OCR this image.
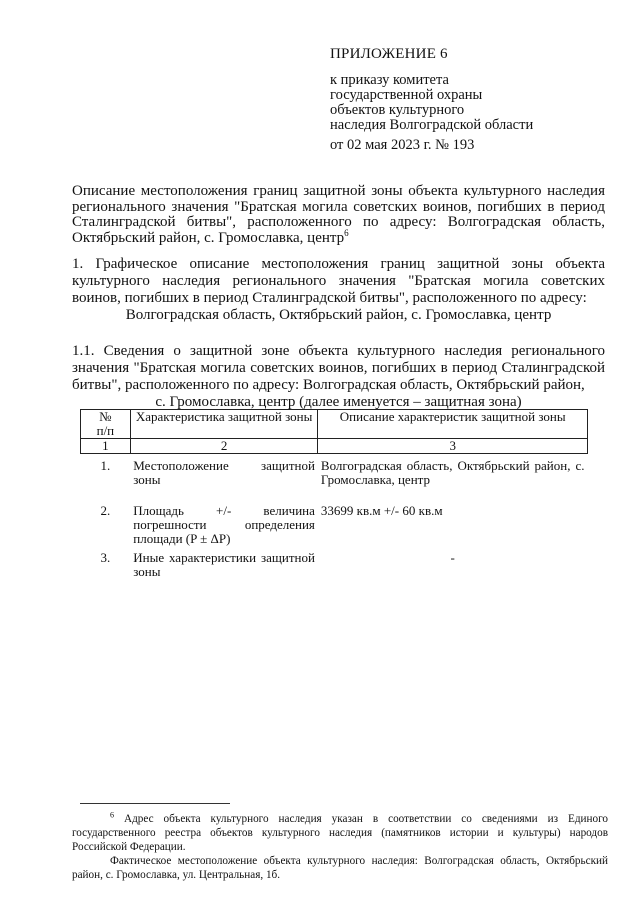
ПРИЛОЖЕНИЕ 6
к приказу комитета
государственной охраны
объектов культурного
наследия Волгоградской области
от 02 мая 2023 г. № 193
Описание местоположения границ защитной зоны объекта культурного наследия регионального значения "Братская могила советских воинов, погибших в период Сталинградской битвы", расположенного по адресу: Волгоградская область, Октябрьский район, с. Громославка, центр$^6$
1. Графическое описание местоположения границ защитной зоны объекта культурного наследия регионального значения "Братская могила советских воинов, погибших в период Сталинградской битвы", расположенного по адресу:
Волгоградская область, Октябрьский район, с. Громославка, центр
1.1. Сведения о защитной зоне объекта культурного наследия регионального значения "Братская могила советских воинов, погибших в период Сталинградской битвы", расположенного по адресу: Волгоградская область, Октябрьский район,
с. Громославка, центр (далее именуется – защитная зона)
№
п/п	Характеристика защитной зоны	Описание характеристик защитной зоны
1	2	3
1.	Местоположение защитной
зоны	Волгоградская область, Октябрьский район, с. Громославка, центр
2.	Площадь +/- величина
погрешности определения
площади (P ± ΔP)	33699 кв.м +/- 60 кв.м
3.	Иные характеристики защитной зоны	-

$^6$ Адрес объекта культурного наследия указан в соответствии со сведениями из Единого государственного реестра объектов культурного наследия (памятников истории и культуры) народов Российской Федерации.

Фактическое местоположение объекта культурного наследия: Волгоградская область, Октябрьский район, с. Громославка, ул. Центральная, 1б.
